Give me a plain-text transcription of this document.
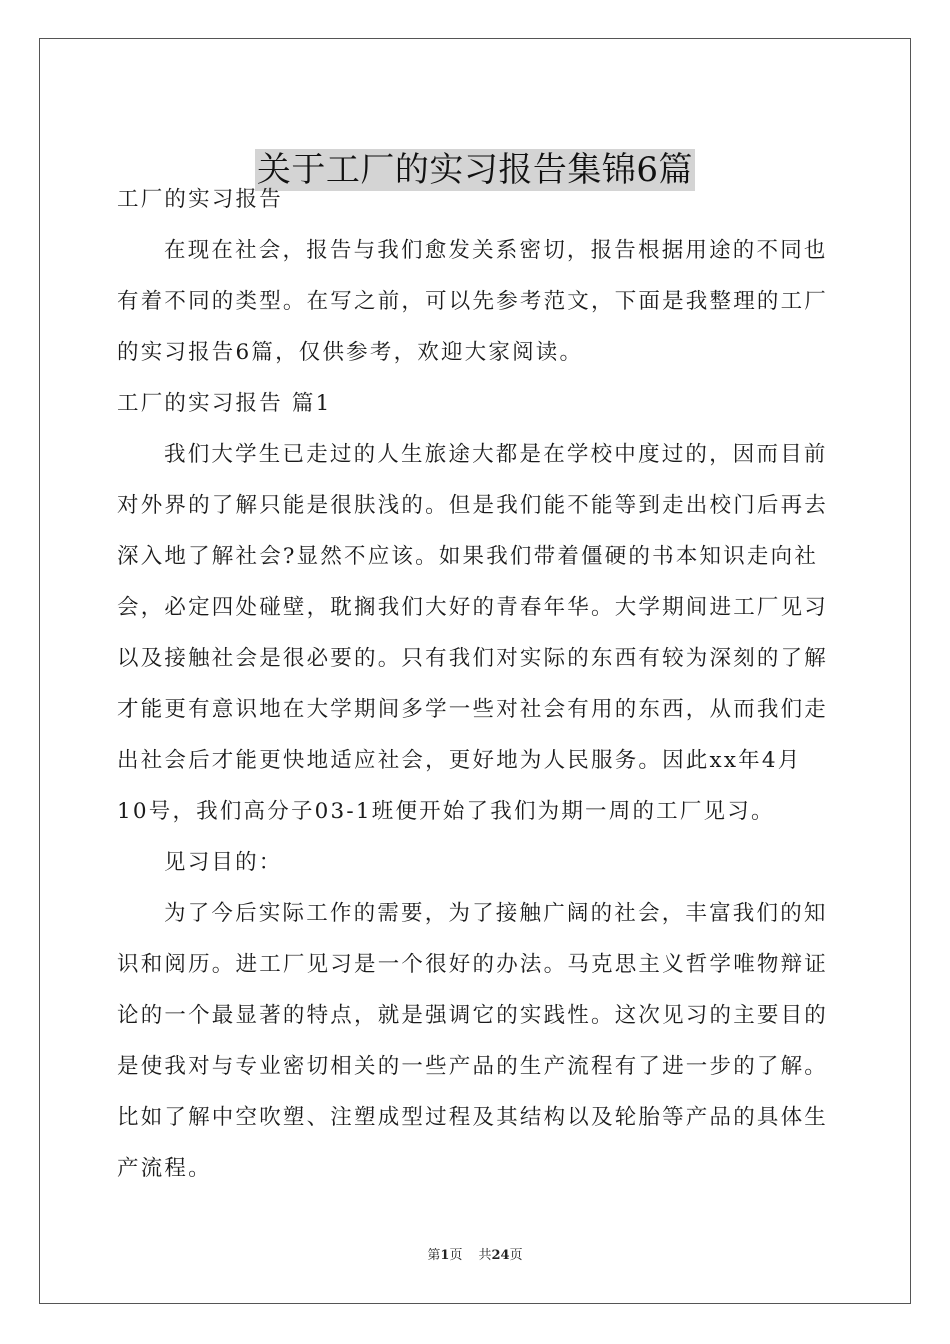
关于工厂的实习报告集锦6篇

工厂的实习报告

在现在社会，报告与我们愈发关系密切，报告根据用途的不同也

有着不同的类型。在写之前，可以先参考范文，下面是我整理的工厂

的实习报告6篇，仅供参考，欢迎大家阅读。

工厂的实习报告 篇1

我们大学生已走过的人生旅途大都是在学校中度过的，因而目前

对外界的了解只能是很肤浅的。但是我们能不能等到走出校门后再去

深入地了解社会?显然不应该。如果我们带着僵硬的书本知识走向社

会，必定四处碰壁，耽搁我们大好的青春年华。大学期间进工厂见习

以及接触社会是很必要的。只有我们对实际的东西有较为深刻的了解

才能更有意识地在大学期间多学一些对社会有用的东西，从而我们走

出社会后才能更快地适应社会，更好地为人民服务。因此xx年4月

10号，我们高分子03-1班便开始了我们为期一周的工厂见习。

见习目的：

为了今后实际工作的需要，为了接触广阔的社会，丰富我们的知

识和阅历。进工厂见习是一个很好的办法。马克思主义哲学唯物辩证

论的一个最显著的特点，就是强调它的实践性。这次见习的主要目的

是使我对与专业密切相关的一些产品的生产流程有了进一步的了解。

比如了解中空吹塑、注塑成型过程及其结构以及轮胎等产品的具体生

产流程。

第1页 共24页
